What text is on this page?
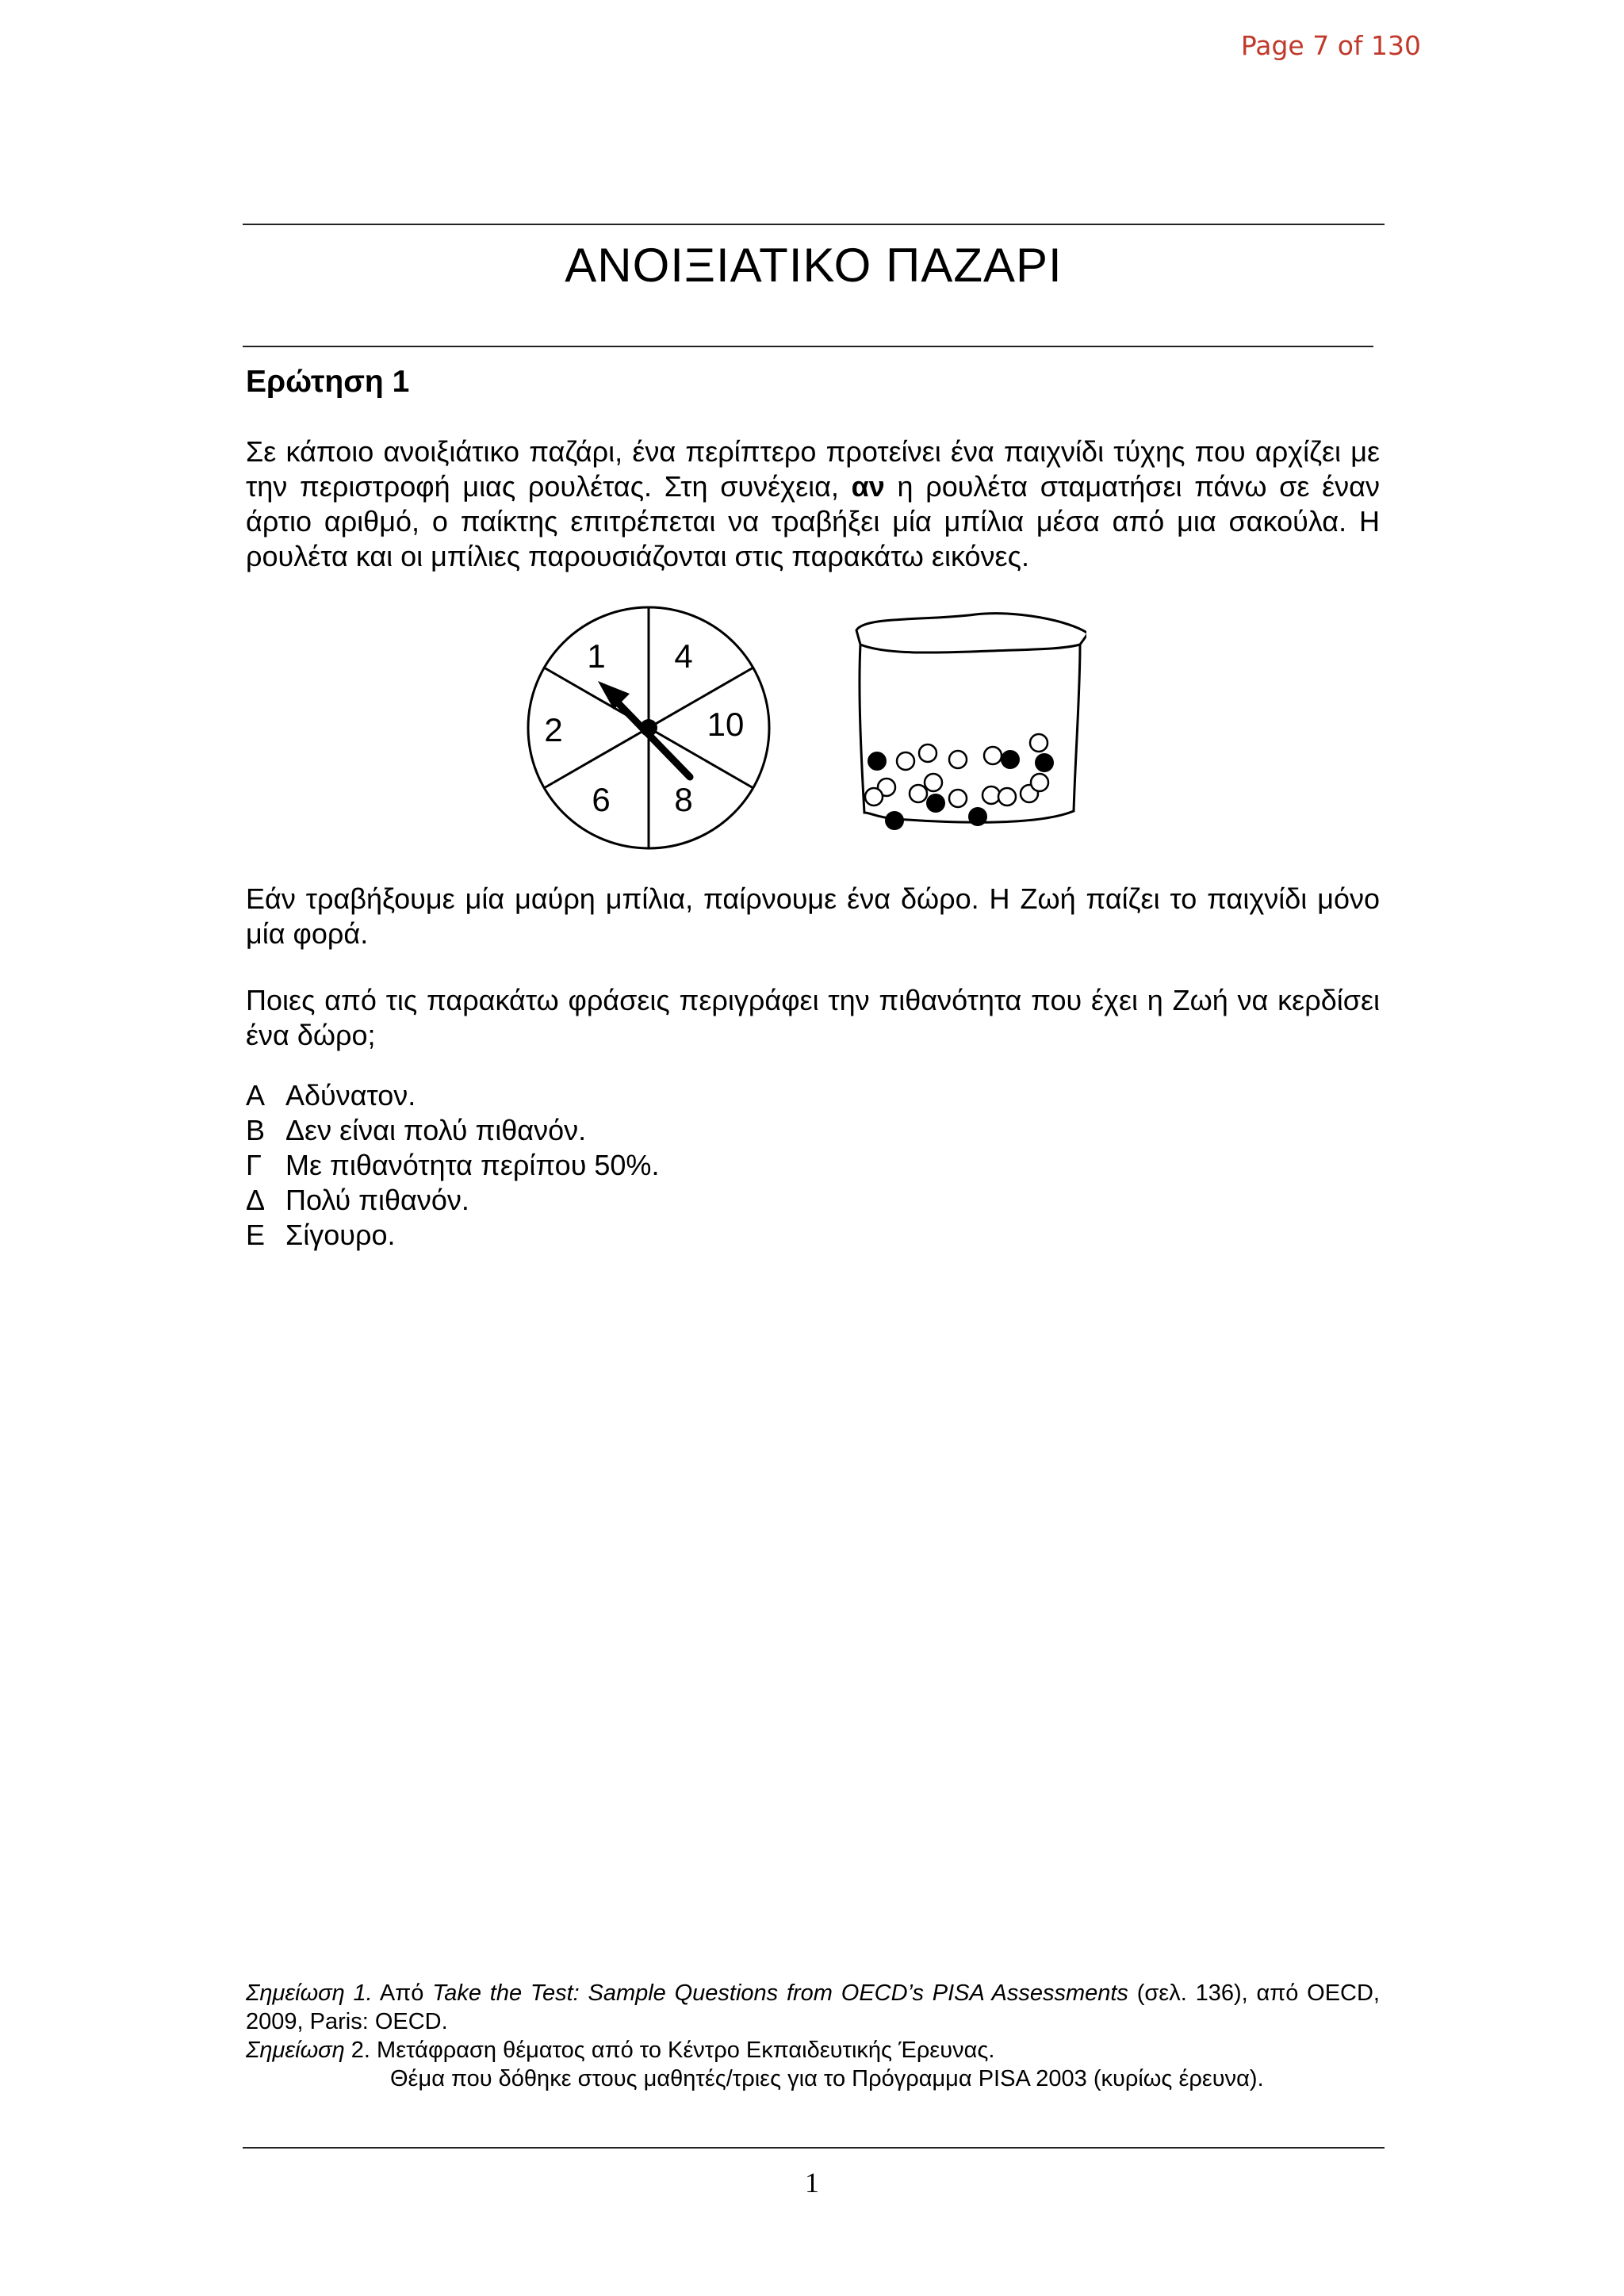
Page 7 of 130
ΑΝΟΙΞΙΑΤΙΚΟ ΠΑΖΑΡΙ
Ερώτηση 1
Σε κάποιο ανοιξιάτικο παζάρι, ένα περίπτερο προτείνει ένα παιχνίδι τύχης που αρχίζει με την περιστροφή μιας ρουλέτας. Στη συνέχεια, αν η ρουλέτα σταματήσει πάνω σε έναν άρτιο αριθμό, ο παίκτης επιτρέπεται να τραβήξει μία μπίλια μέσα από μια σακούλα. Η ρουλέτα και οι μπίλιες παρουσιάζονται στις παρακάτω εικόνες.
1 4
10
8
6
2
Εάν τραβήξουμε μία μαύρη μπίλια, παίρνουμε ένα δώρο. Η Ζωή παίζει το παιχνίδι μόνο μία φορά.
Ποιες από τις παρακάτω φράσεις περιγράφει την πιθανότητα που έχει η Ζωή να κερδίσει ένα δώρο;
Α Αδύνατον.
Β Δεν είναι πολύ πιθανόν.
Γ Με πιθανότητα περίπου 50%.
Δ Πολύ πιθανόν.
Ε Σίγουρο.
Σημείωση 1. Από Take the Test: Sample Questions from OECD’s PISA Assessments (σελ. 136), από OECD, 2009, Paris: OECD.
Σημείωση 2. Μετάφραση θέματος από το Κέντρο Εκπαιδευτικής Έρευνας.
Θέμα που δόθηκε στους μαθητές/τριες για το Πρόγραμμα PISA 2003 (κυρίως έρευνα).
1
